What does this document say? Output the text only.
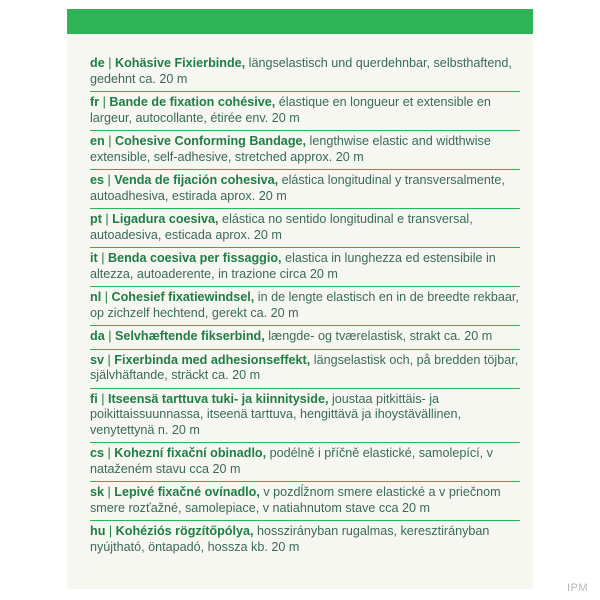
de | Kohäsive Fixierbinde, längselastisch und querdehnbar, selbsthaftend, gedehnt ca. 20 m
fr | Bande de fixation cohésive, élastique en longueur et extensible en largeur, autocollante, étirée env. 20 m
en | Cohesive Conforming Bandage, lengthwise elastic and widthwise extensible, self-adhesive, stretched approx. 20 m
es | Venda de fijación cohesiva, elástica longitudinal y transversalmente, autoadhesiva, estirada aprox. 20 m
pt | Ligadura coesiva, elástica no sentido longitudinal e transversal, autoadesiva, esticada aprox. 20 m
it | Benda coesiva per fissaggio, elastica in lunghezza ed estensibile in altezza, autoaderente, in trazione circa 20 m
nl | Cohesief fixatiewindsel, in de lengte elastisch en in de breedte rekbaar, op zichzelf hechtend, gerekt ca. 20 m
da | Selvhæftende fikserbind, længde- og tværelastisk, strakt ca. 20 m
sv | Fixerbinda med adhesionseffekt, längselastisk och, på bredden töjbar, självhäftande, sträckt ca. 20 m
fi | Itseensä tarttuva tuki- ja kiinnityside, joustaa pitkittäis- ja poikittaissuunnassa, itseenä tarttuva, hengittävä ja ihoystävällinen, venytettynä n. 20 m
cs | Kohezní fixační obinadlo, podélně i příčně elastické, samolepící, v nataženém stavu cca 20 m
sk | Lepivé fixačné ovínadlo, v pozdĺžnom smere elastické a v priečnom smere rozťažné, samolepiace, v natiahnutom stave cca 20 m
hu | Kohéziós rögzítőpólya, hosszirányban rugalmas, keresztirányban nyújtható, öntapadó, hossza kb. 20 m
IPM
